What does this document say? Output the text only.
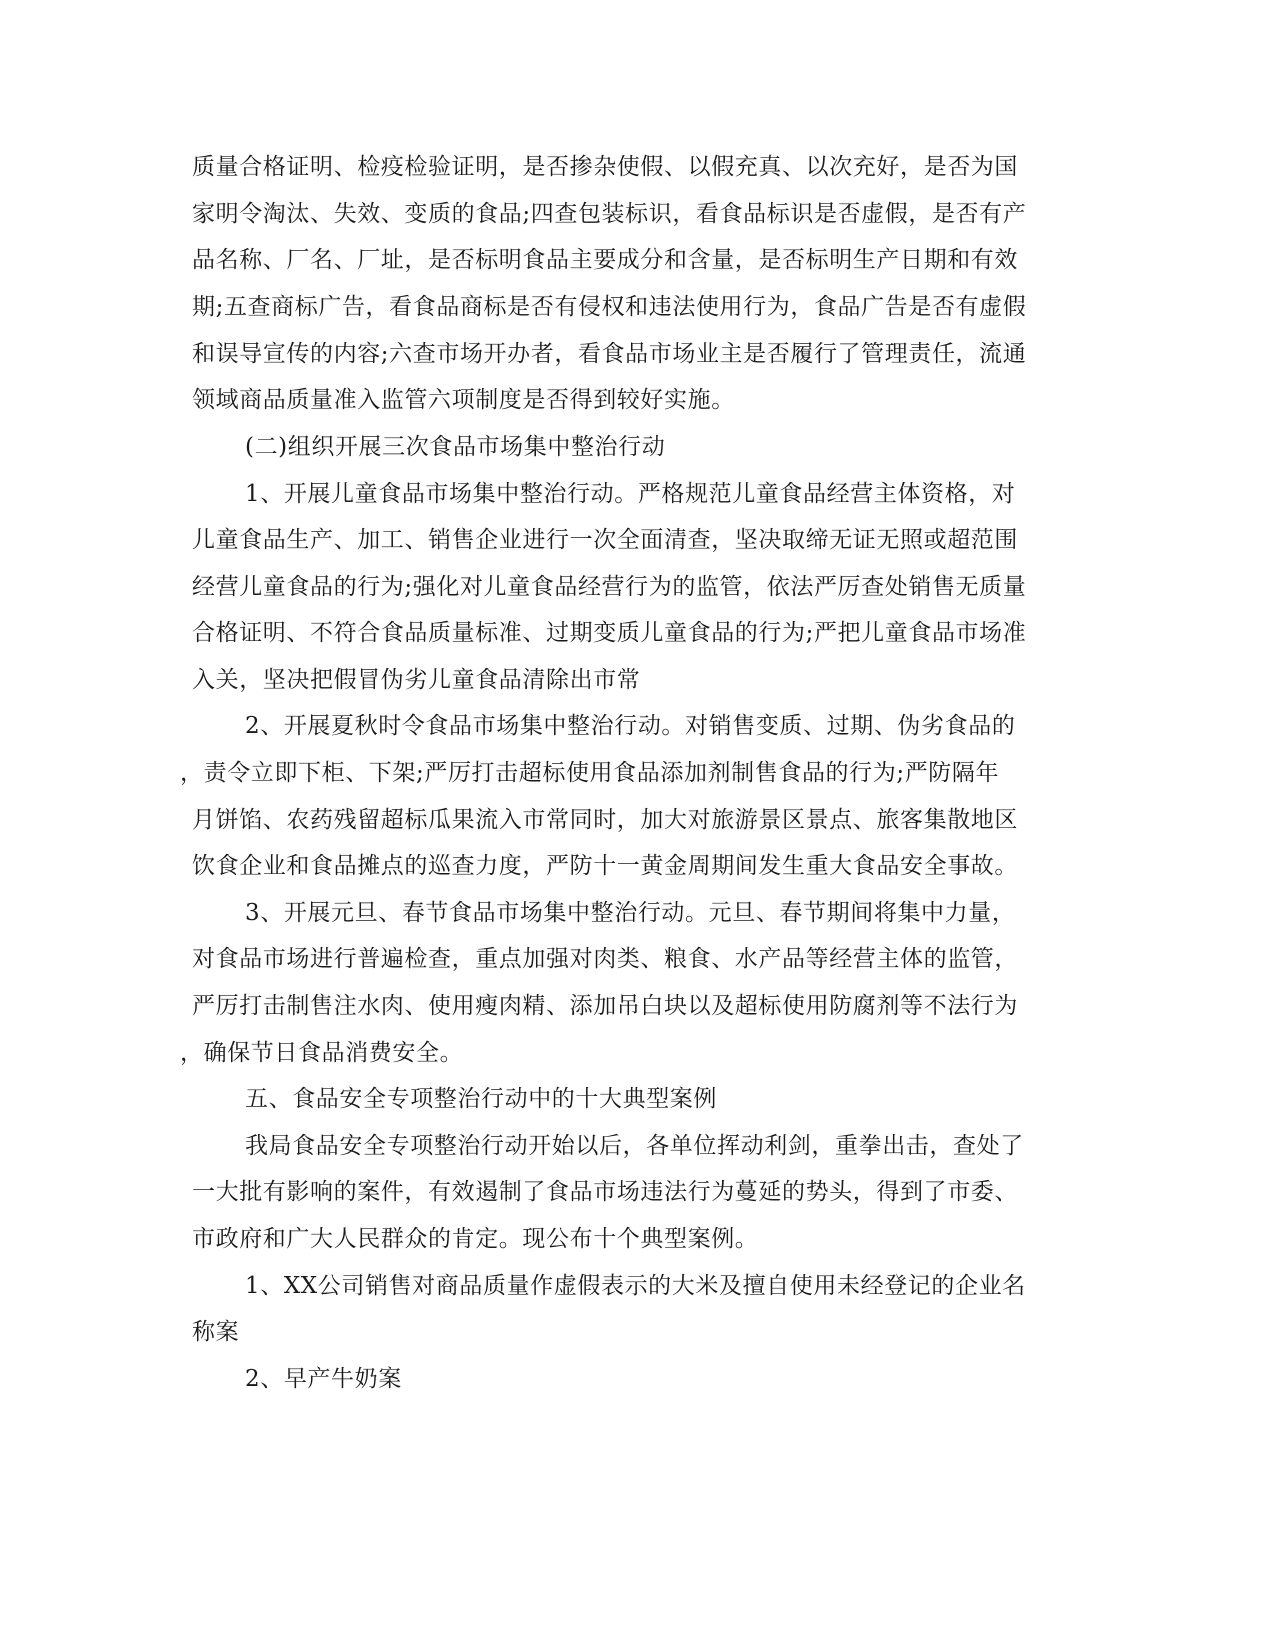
质量合格证明、检疫检验证明，是否掺杂使假、以假充真、以次充好，是否为国

家明令淘汰、失效、变质的食品;四查包装标识，看食品标识是否虚假，是否有产

品名称、厂名、厂址，是否标明食品主要成分和含量，是否标明生产日期和有效

期;五查商标广告，看食品商标是否有侵权和违法使用行为，食品广告是否有虚假

和误导宣传的内容;六查市场开办者，看食品市场业主是否履行了管理责任，流通

领域商品质量准入监管六项制度是否得到较好实施。

(二)组织开展三次食品市场集中整治行动

1、开展儿童食品市场集中整治行动。严格规范儿童食品经营主体资格，对

儿童食品生产、加工、销售企业进行一次全面清查，坚决取缔无证无照或超范围

经营儿童食品的行为;强化对儿童食品经营行为的监管，依法严厉查处销售无质量

合格证明、不符合食品质量标准、过期变质儿童食品的行为;严把儿童食品市场准

入关，坚决把假冒伪劣儿童食品清除出市常

2、开展夏秋时令食品市场集中整治行动。对销售变质、过期、伪劣食品的

，责令立即下柜、下架;严厉打击超标使用食品添加剂制售食品的行为;严防隔年

月饼馅、农药残留超标瓜果流入市常同时，加大对旅游景区景点、旅客集散地区

饮食企业和食品摊点的巡查力度，严防十一黄金周期间发生重大食品安全事故。

3、开展元旦、春节食品市场集中整治行动。元旦、春节期间将集中力量，

对食品市场进行普遍检查，重点加强对肉类、粮食、水产品等经营主体的监管，

严厉打击制售注水肉、使用瘦肉精、添加吊白块以及超标使用防腐剂等不法行为

，确保节日食品消费安全。

五、食品安全专项整治行动中的十大典型案例

我局食品安全专项整治行动开始以后，各单位挥动利剑，重拳出击，查处了

一大批有影响的案件，有效遏制了食品市场违法行为蔓延的势头，得到了市委、

市政府和广大人民群众的肯定。现公布十个典型案例。

1、XX公司销售对商品质量作虚假表示的大米及擅自使用未经登记的企业名

称案

2、早产牛奶案
